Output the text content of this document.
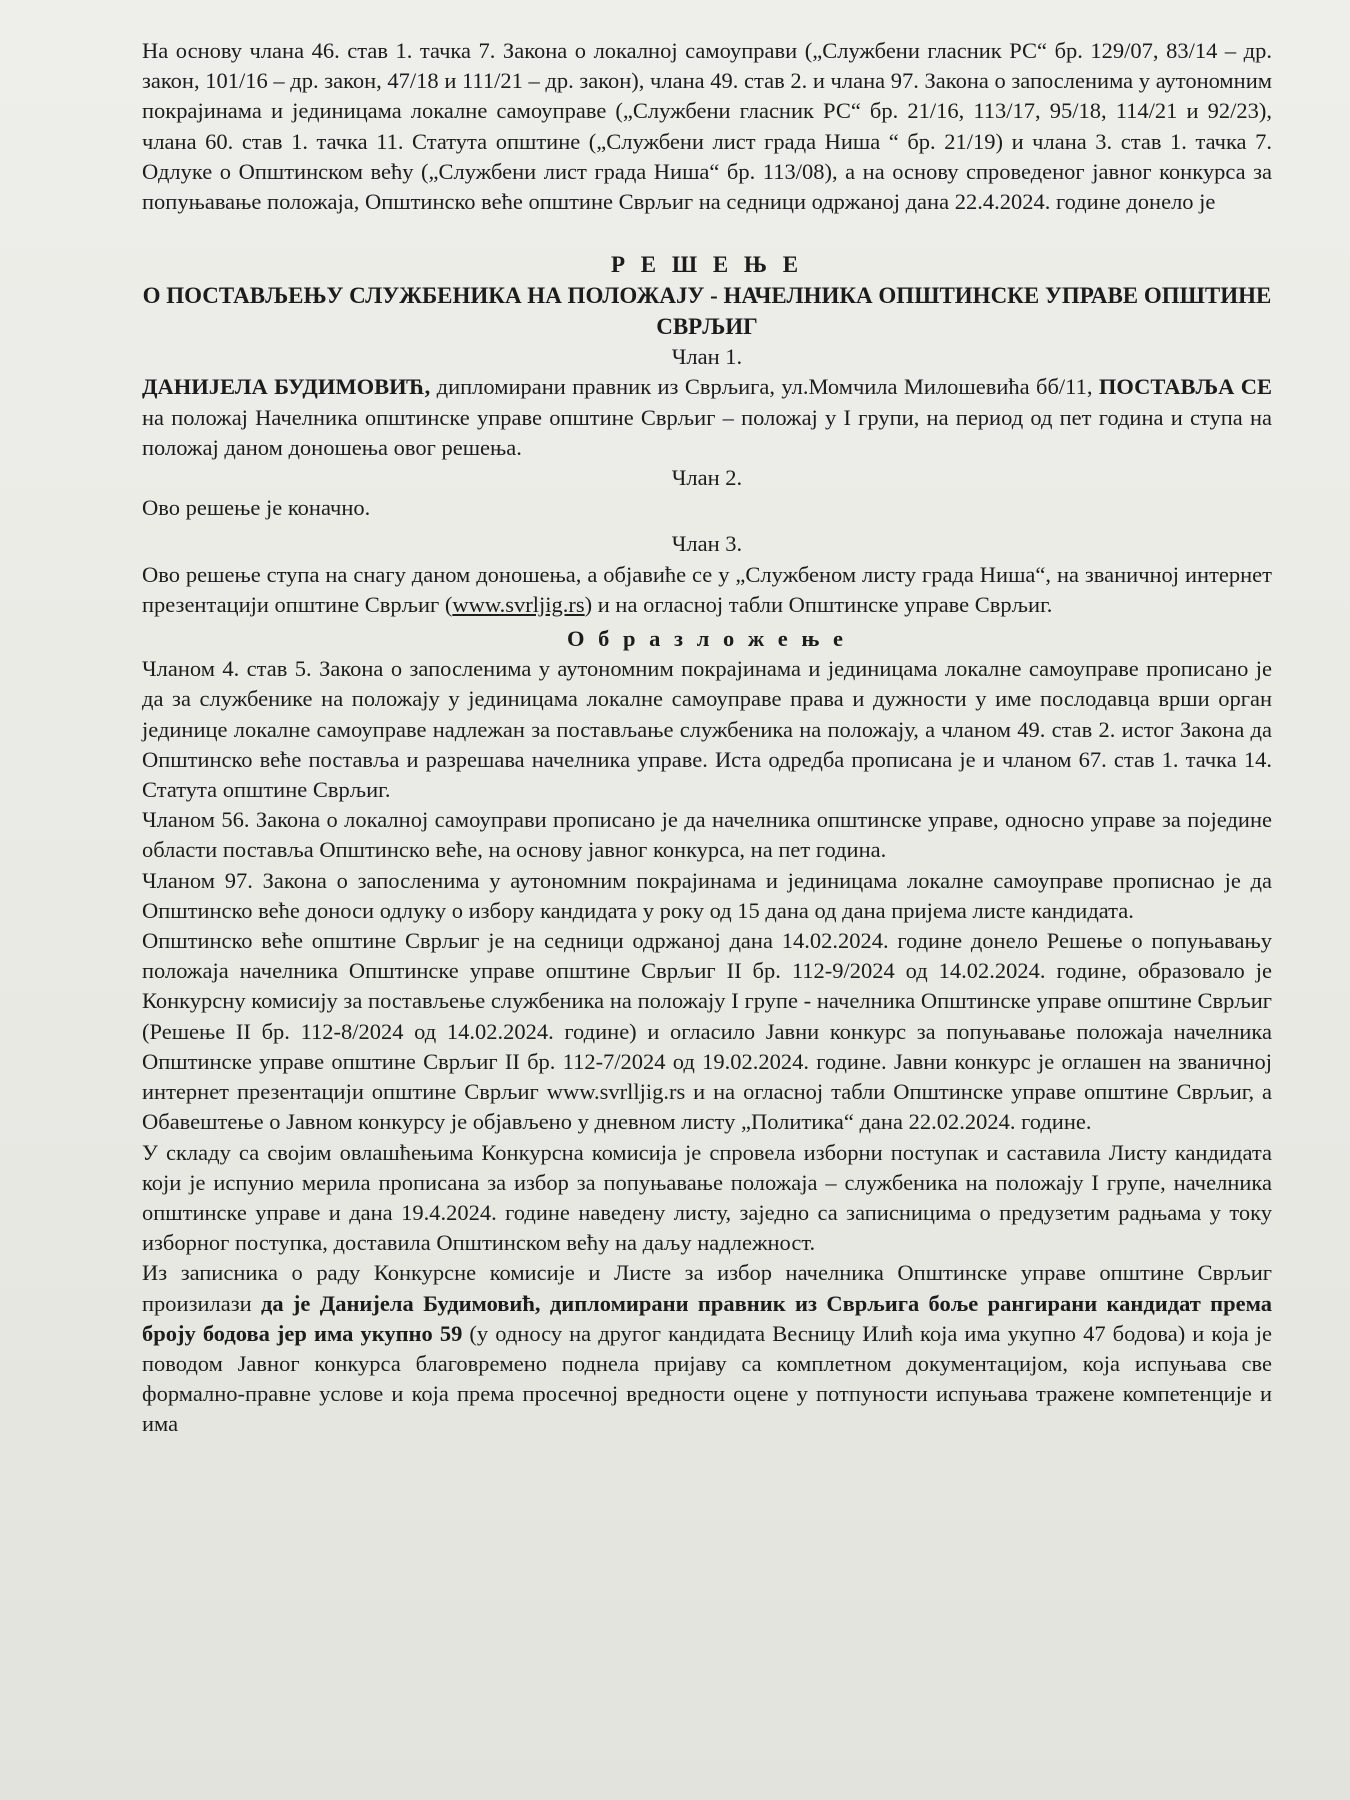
На основу члана 46. став 1. тачка 7. Закона о локалној самоуправи („Службени гласник РС“ бр. 129/07, 83/14 – др. закон, 101/16 – др. закон, 47/18 и 111/21 – др. закон), члана 49. став 2. и члана 97. Закона о запосленима у аутономним покрајинама и јединицама локалне самоуправе („Службени гласник РС“ бр. 21/16, 113/17, 95/18, 114/21 и 92/23), члана 60. став 1. тачка 11. Статута општине („Службени лист града Ниша “ бр. 21/19) и члана 3. став 1. тачка 7. Одлуке о Општинском већу („Службени лист града Ниша“ бр. 113/08), а на основу спроведеног јавног конкурса за попуњавање положаја, Општинско веће општине Сврљиг на седници одржаној дана 22.4.2024. године донело је

Р Е Ш Е Њ Е
О ПОСТАВЉЕЊУ СЛУЖБЕНИКА НА ПОЛОЖАЈУ - НАЧЕЛНИКА ОПШТИНСКЕ УПРАВЕ ОПШТИНЕ СВРЉИГ
Члан 1.

ДАНИЈЕЛА БУДИМОВИЋ, дипломирани правник из Сврљига, ул.Момчила Милошевића бб/11, ПОСТАВЉА СЕ на положај Начелника општинске управе општине Сврљиг – положај у I групи, на период од пет година и ступа на положај даном доношења овог решења.

Члан 2.

Ово решење је коначно.

Члан 3.

Ово решење ступа на снагу даном доношења, а објавиће се у „Службеном листу града Ниша“, на званичној интернет презентацији општине Сврљиг (www.svrljig.rs) и на огласној табли Општинске управе Сврљиг.

О б р а з л о ж е њ е

Чланом 4. став 5. Закона о запосленима у аутономним покрајинама и јединицама локалне самоуправе прописано је да за службенике на положају у јединицама локалне самоуправе права и дужности у име послодавца врши орган јединице локалне самоуправе надлежан за постављање службеника на положају, а чланом 49. став 2. истог Закона да Општинско веће поставља и разрешава начелника управе. Иста одредба прописана је и чланом 67. став 1. тачка 14. Статута општине Сврљиг.

Чланом 56. Закона о локалној самоуправи прописано је да начелника општинске управе, односно управе за поједине области поставља Општинско веће, на основу јавног конкурса, на пет година.

Чланом 97. Закона о запосленима у аутономним покрајинама и јединицама локалне самоуправе прописнао је да Општинско веће доноси одлуку о избору кандидата у року од 15 дана од дана пријема листе кандидата.

Општинско веће општине Сврљиг је на седници одржаној дана 14.02.2024. године донело Решење о попуњавању положаја начелника Општинске управе општине Сврљиг II бр. 112-9/2024 од 14.02.2024. године, образовало је Конкурсну комисију за постављење службеника на положају I групе - начелника Општинске управе општине Сврљиг (Решење II бр. 112-8/2024 од 14.02.2024. године) и огласило Јавни конкурс за попуњавање положаја начелника Општинске управе општине Сврљиг II бр. 112-7/2024 од 19.02.2024. године. Јавни конкурс је оглашен на званичној интернет презентацији општине Сврљиг www.svrlljig.rs и на огласној табли Општинске управе општине Сврљиг, а Обавештење о Јавном конкурсу је објављено у дневном листу „Политика“ дана 22.02.2024. године.

У складу са својим овлашћењима Конкурсна комисија је спровела изборни поступак и саставила Листу кандидата који је испунио мерила прописана за избор за попуњавање положаја – службеника на положају I групе, начелника општинске управе и дана 19.4.2024. године наведену листу, заједно са записницима о предузетим радњама у току изборног поступка, доставила Општинском већу на даљу надлежност.

Из записника о раду Конкурсне комисије и Листе за избор начелника Општинске управе општине Сврљиг произилази да је Данијела Будимовић, дипломирани правник из Сврљига боље рангирани кандидат према броју бодова јер има укупно 59 (у односу на другог кандидата Весницу Илић која има укупно 47 бодова) и која је поводом Јавног конкурса благовремено поднела пријаву са комплетном документацијом, која испуњава све формално-правне услове и која према просечној вредности оцене у потпуности испуњава тражене компетенције и има
